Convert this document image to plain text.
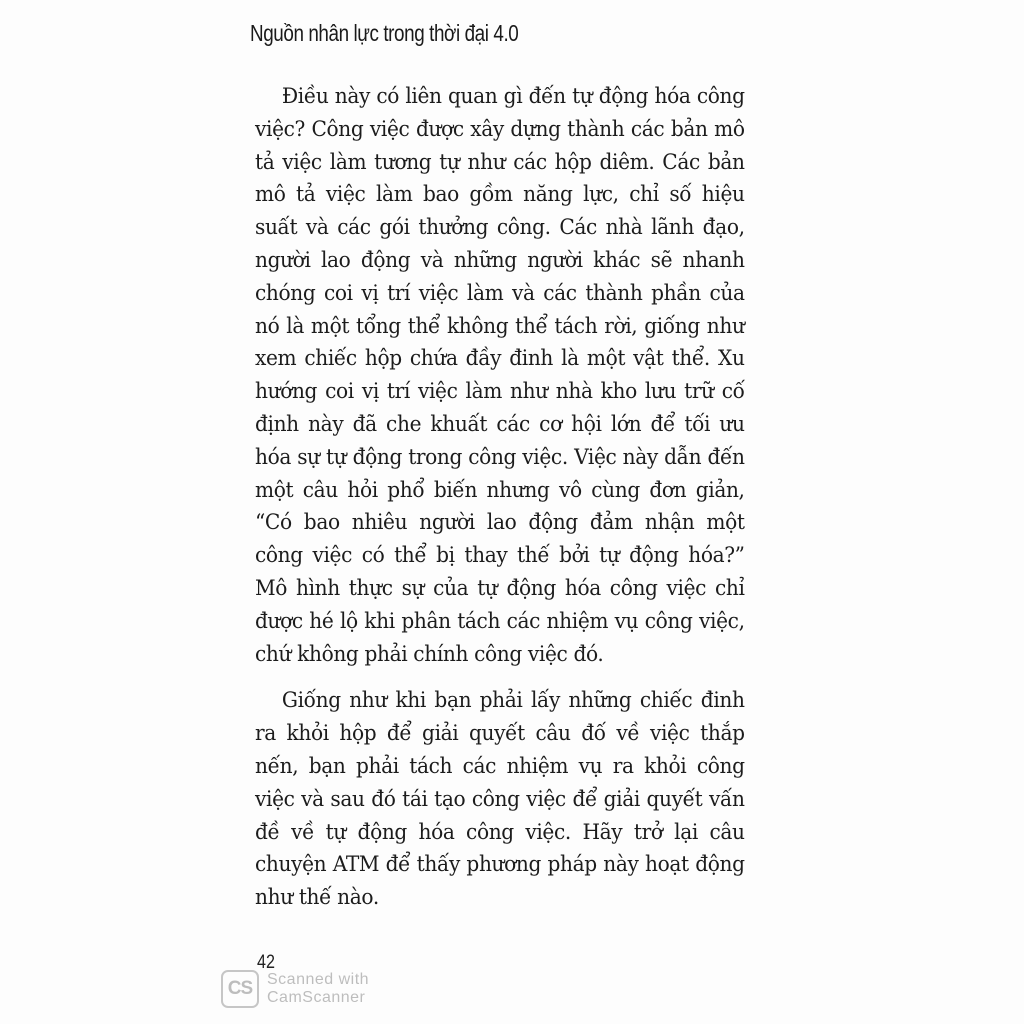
Nguồn nhân lực trong thời đại 4.0

Điều này có liên quan gì đến tự động hóa công việc? Công việc được xây dựng thành các bản mô tả việc làm tương tự như các hộp diêm. Các bản mô tả việc làm bao gồm năng lực, chỉ số hiệu suất và các gói thưởng công. Các nhà lãnh đạo, người lao động và những người khác sẽ nhanh chóng coi vị trí việc làm và các thành phần của nó là một tổng thể không thể tách rời, giống như xem chiếc hộp chứa đầy đinh là một vật thể. Xu hướng coi vị trí việc làm như nhà kho lưu trữ cố định này đã che khuất các cơ hội lớn để tối ưu hóa sự tự động trong công việc. Việc này dẫn đến một câu hỏi phổ biến nhưng vô cùng đơn giản, “Có bao nhiêu người lao động đảm nhận một công việc có thể bị thay thế bởi tự động hóa?” Mô hình thực sự của tự động hóa công việc chỉ được hé lộ khi phân tách các nhiệm vụ công việc, chứ không phải chính công việc đó.

Giống như khi bạn phải lấy những chiếc đinh ra khỏi hộp để giải quyết câu đố về việc thắp nến, bạn phải tách các nhiệm vụ ra khỏi công việc và sau đó tái tạo công việc để giải quyết vấn đề về tự động hóa công việc. Hãy trở lại câu chuyện ATM để thấy phương pháp này hoạt động như thế nào.

42
CS Scanned with
CamScanner
